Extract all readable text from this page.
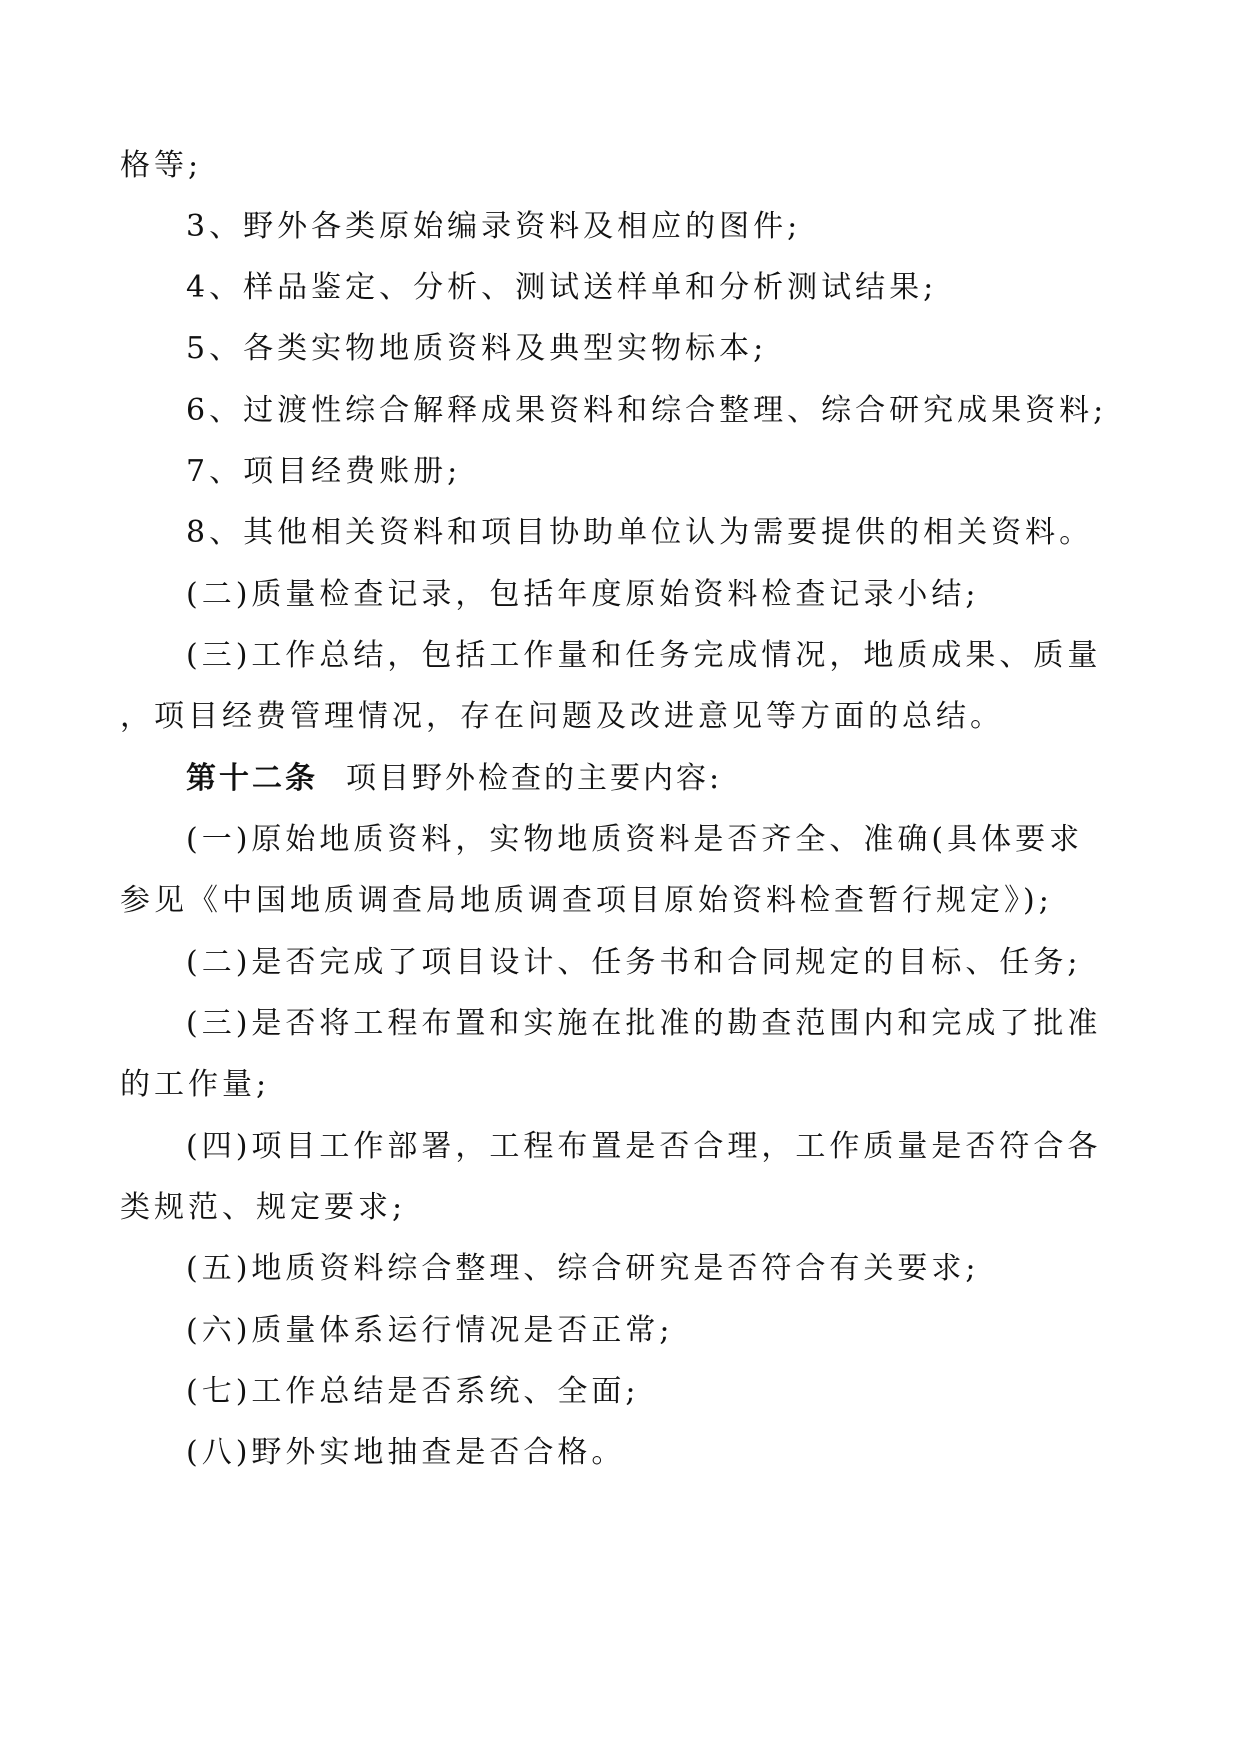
格等;
3、野外各类原始编录资料及相应的图件;
4、样品鉴定、分析、测试送样单和分析测试结果;
5、各类实物地质资料及典型实物标本;
6、过渡性综合解释成果资料和综合整理、综合研究成果资料;
7、项目经费账册;
8、其他相关资料和项目协助单位认为需要提供的相关资料。
(二)质量检查记录，包括年度原始资料检查记录小结;
(三)工作总结，包括工作量和任务完成情况，地质成果、质量
，项目经费管理情况，存在问题及改进意见等方面的总结。
第十二条 项目野外检查的主要内容:
(一)原始地质资料，实物地质资料是否齐全、准确(具体要求
参见《中国地质调查局地质调查项目原始资料检查暂行规定》);
(二)是否完成了项目设计、任务书和合同规定的目标、任务;
(三)是否将工程布置和实施在批准的勘查范围内和完成了批准
的工作量;
(四)项目工作部署，工程布置是否合理，工作质量是否符合各
类规范、规定要求;
(五)地质资料综合整理、综合研究是否符合有关要求;
(六)质量体系运行情况是否正常;
(七)工作总结是否系统、全面;
(八)野外实地抽查是否合格。
